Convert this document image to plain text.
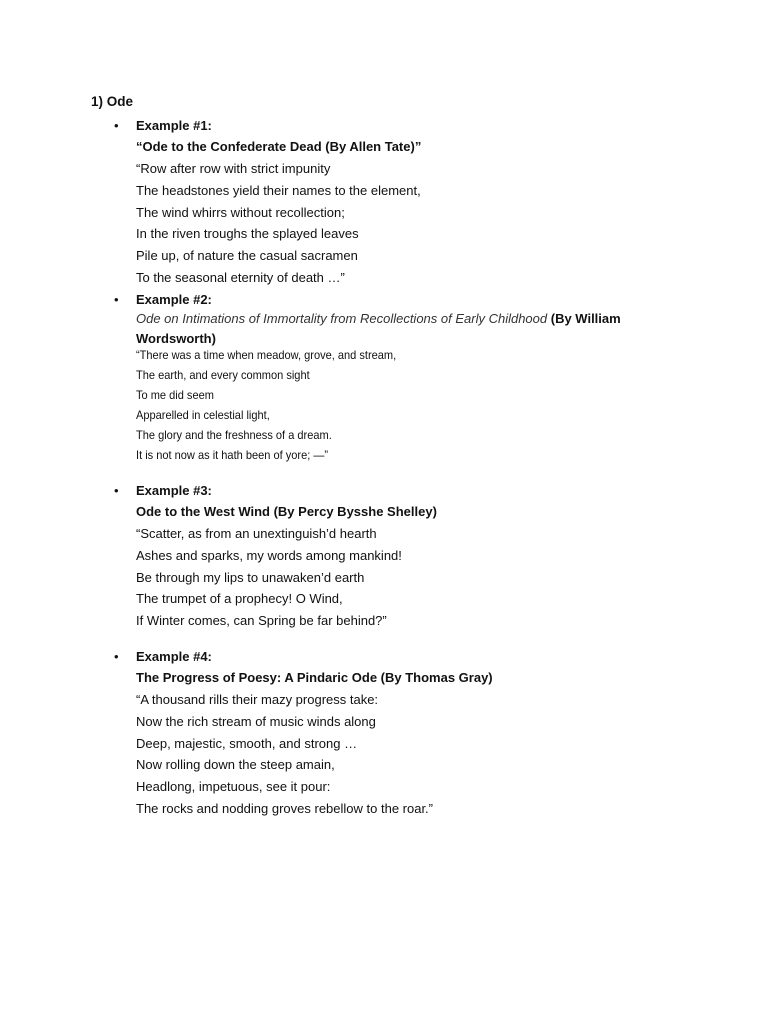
1) Ode
• Example #1:
“Ode to the Confederate Dead (By Allen Tate)”
“Row after row with strict impunity
The headstones yield their names to the element,
The wind whirrs without recollection;
In the riven troughs the splayed leaves
Pile up, of nature the casual sacramen
To the seasonal eternity of death …”
• Example #2:
Ode on Intimations of Immortality from Recollections of Early Childhood (By William Wordsworth)
“There was a time when meadow, grove, and stream,
The earth, and every common sight
To me did seem
Apparelled in celestial light,
The glory and the freshness of a dream.
It is not now as it hath been of yore; —”
• Example #3:
Ode to the West Wind (By Percy Bysshe Shelley)
“Scatter, as from an unextinguish’d hearth
Ashes and sparks, my words among mankind!
Be through my lips to unawaken’d earth
The trumpet of a prophecy! O Wind,
If Winter comes, can Spring be far behind?”
• Example #4:
The Progress of Poesy: A Pindaric Ode (By Thomas Gray)
“A thousand rills their mazy progress take:
Now the rich stream of music winds along
Deep, majestic, smooth, and strong …
Now rolling down the steep amain,
Headlong, impetuous, see it pour:
The rocks and nodding groves rebellow to the roar.”
